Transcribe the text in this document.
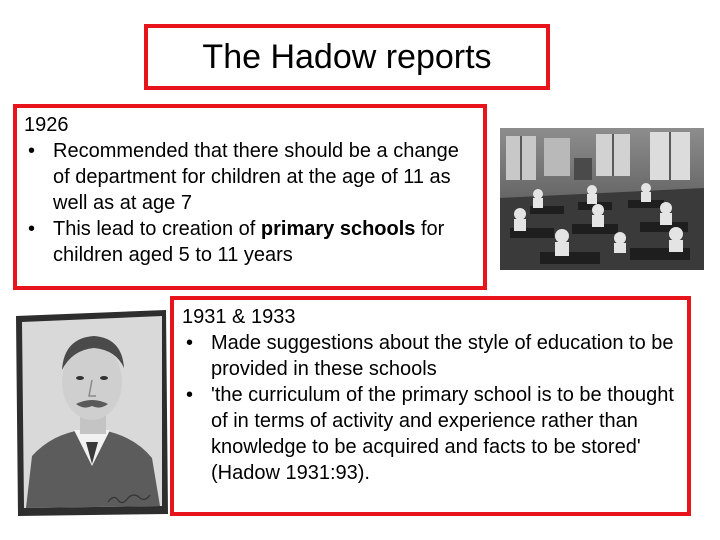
The Hadow reports

1926

• Recommended that there should be a change of department for children at the age of 11 as well as at age 7
• This lead to creation of primary schools for children aged 5 to 11 years

1931 & 1933

• Made suggestions about the style of education to be provided in these schools
• 'the curriculum of the primary school is to be thought of in terms of activity and experience rather than knowledge to be acquired and facts to be stored' (Hadow 1931:93).
